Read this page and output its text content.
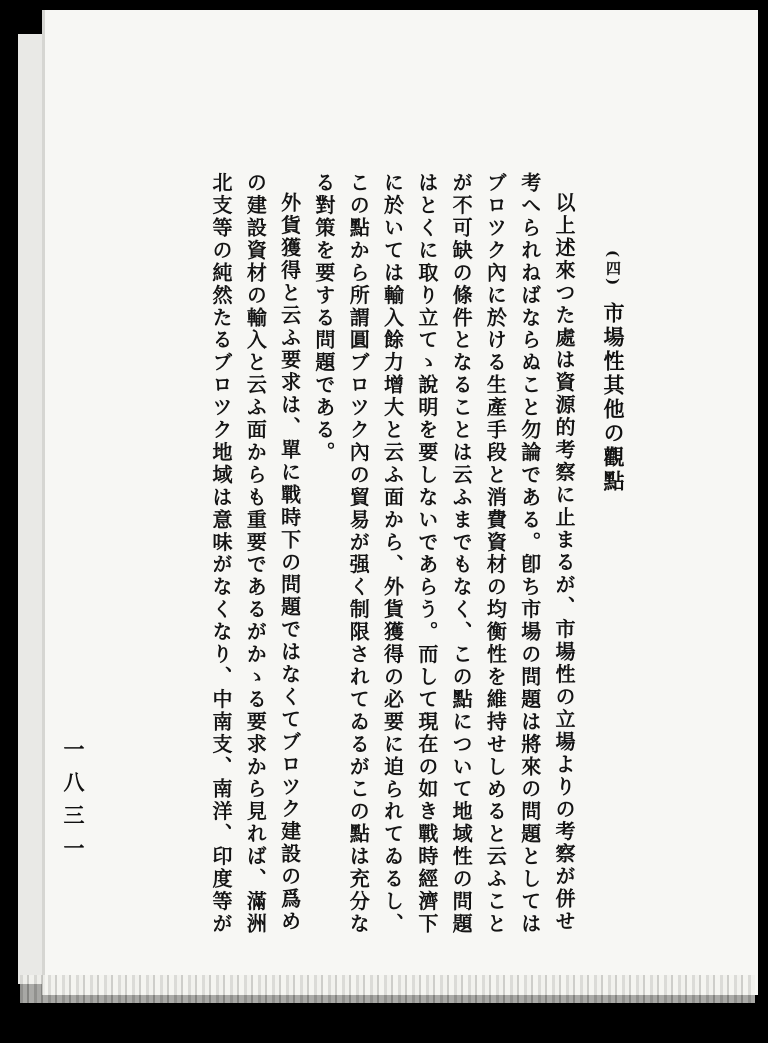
(四)市場性其他の觀點

以上述來つた處は資源的考察に止まるが、市場性の立場よりの考察が併せ考へられねばならぬこと勿論である。卽ち市場の問題は將來の問題としてはブロツク內に於ける生產手段と消費資材の均衡性を維持せしめると云ふことが不可缺の條件となることは云ふまでもなく、この點について地域性の問題はとくに取り立てゝ說明を要しないであらう。而して現在の如き戰時經濟下に於いては輸入餘力增大と云ふ面から、外貨獲得の必要に迫られてゐるし、この點から所謂圓ブロツク內の貿易が强く制限されてゐるがこの點は充分なる對策を要する問題である。

外貨獲得と云ふ要求は、單に戰時下の問題ではなくてブロツク建設の爲めの建設資材の輸入と云ふ面からも重要であるがかゝる要求から見れば、滿洲北支等の純然たるブロツク地域は意味がなくなり、中南支、南洋、印度等が

一八三一
